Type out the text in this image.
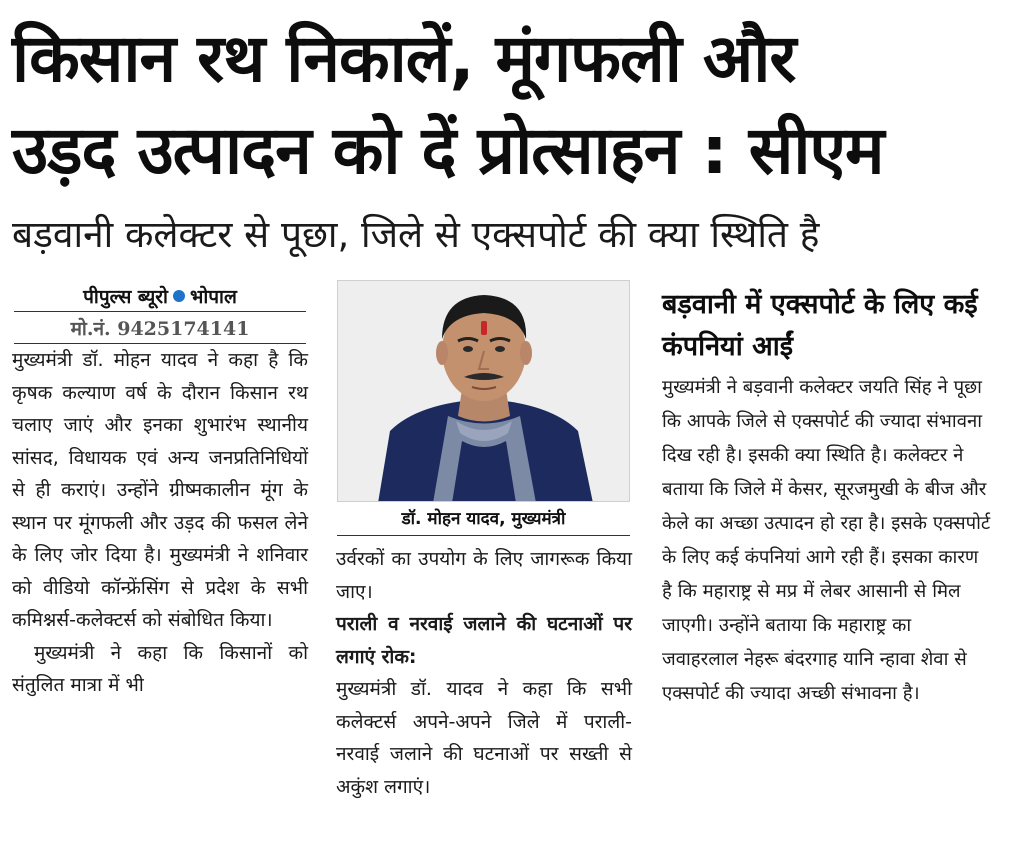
किसान रथ निकालें, मूंगफली और
उड़द उत्पादन को दें प्रोत्साहन : सीएम
बड़वानी कलेक्टर से पूछा, जिले से एक्सपोर्ट की क्या स्थिति है
पीपुल्स ब्यूरो भोपाल
मो.नं. 9425174141

मुख्यमंत्री डॉ. मोहन यादव ने कहा है कि कृषक कल्याण वर्ष के दौरान किसान रथ चलाए जाएं और इनका शुभारंभ स्थानीय सांसद, विधायक एवं अन्य जनप्रतिनिधियों से ही कराएं। उन्होंने ग्रीष्मकालीन मूंग के स्थान पर मूंगफली और उड़द की फसल लेने के लिए जोर दिया है। मुख्यमंत्री ने शनिवार को वीडियो कॉन्फ्रेंसिंग से प्रदेश के सभी कमिश्नर्स-कलेक्टर्स को संबोधित किया।

मुख्यमंत्री ने कहा कि किसानों को संतुलित मात्रा में भी

डॉ. मोहन यादव, मुख्यमंत्री

उर्वरकों का उपयोग के लिए जागरूक किया जाए।

पराली व नरवाई जलाने की घटनाओं पर लगाएं रोक:

मुख्यमंत्री डॉ. यादव ने कहा कि सभी कलेक्टर्स अपने-अपने जिले में पराली-नरवाई जलाने की घटनाओं पर सख्ती से अकुंश लगाएं।

बड़वानी में एक्सपोर्ट के लिए कई कंपनियां आईं

मुख्यमंत्री ने बड़वानी कलेक्टर जयति सिंह ने पूछा कि आपके जिले से एक्सपोर्ट की ज्यादा संभावना दिख रही है। इसकी क्या स्थिति है। कलेक्टर ने बताया कि जिले में केसर, सूरजमुखी के बीज और केले का अच्छा उत्पादन हो रहा है। इसके एक्सपोर्ट के लिए कई कंपनियां आगे रही हैं। इसका कारण है कि महाराष्ट्र से मप्र में लेबर आसानी से मिल जाएगी। उन्होंने बताया कि महाराष्ट्र का जवाहरलाल नेहरू बंदरगाह यानि न्हावा शेवा से एक्सपोर्ट की ज्यादा अच्छी संभावना है।
